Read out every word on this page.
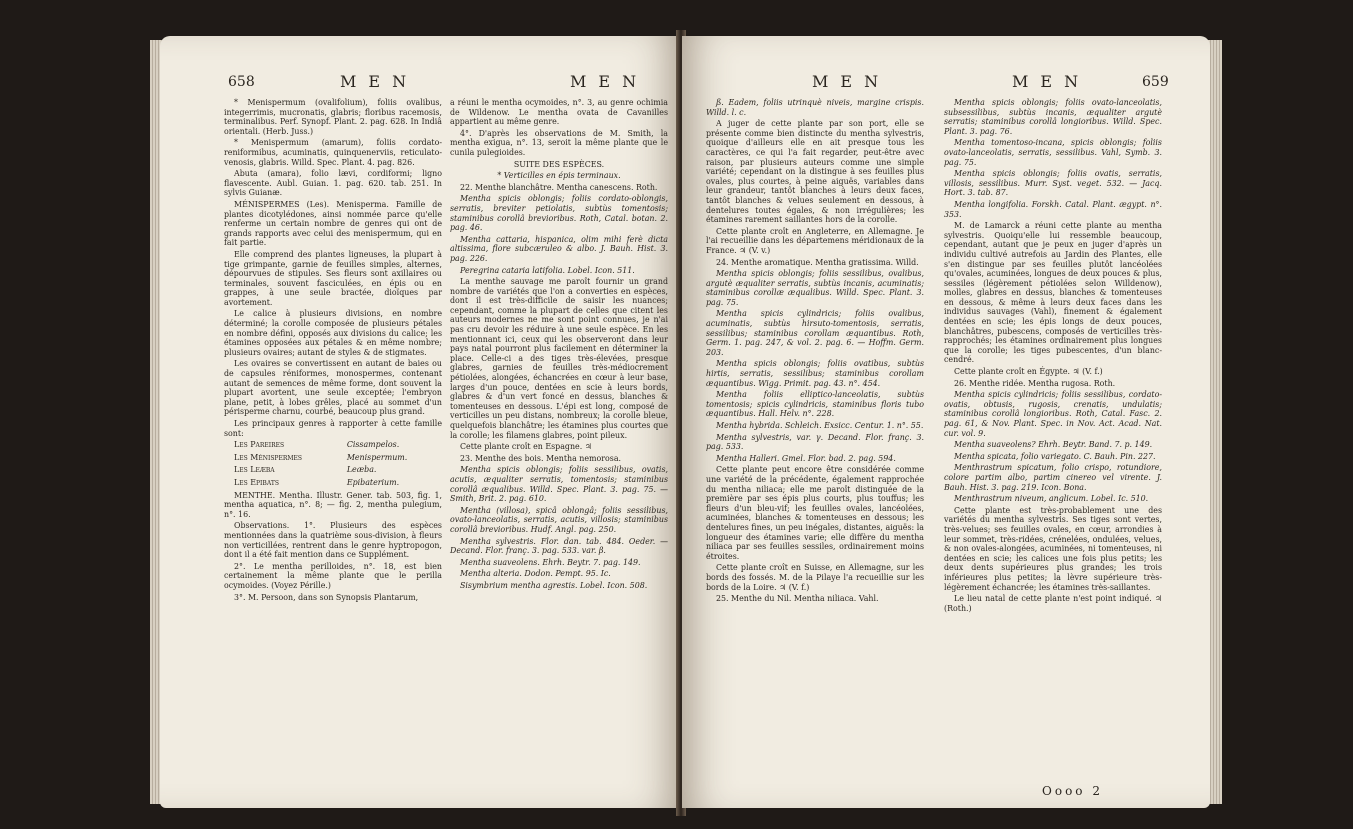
658	MEN	MEN

* Menispermum (ovalifolium), foliis ovalibus, integerrimis, mucronatis, glabris; floribus racemosis, terminalibus. Perf. Synopf. Plant. 2. pag. 628. In Indiâ orientali. (Herb. Juss.)

* Menispermum (amarum), foliis cordato-reniformibus, acuminatis, quinquenerviis, reticulato-venosis, glabris. Willd. Spec. Plant. 4. pag. 826.

Abuta (amara), folio lævi, cordiformi; ligno flavescente. Aubl. Guian. 1. pag. 620. tab. 251. In sylvis Guianæ.

MÉNISPERMES (Les). Menisperma. Famille de plantes dicotylédones, ainsi nommée parce qu'elle renferme un certain nombre de genres qui ont de grands rapports avec celui des menispermum, qui en fait partie.

Elle comprend des plantes ligneuses, la plupart à tige grimpante, garnie de feuilles simples, alternes, dépourvues de stipules. Ses fleurs sont axillaires ou terminales, souvent fasciculées, en épis ou en grappes, à une seule bractée, dioïques par avortement.

Le calice à plusieurs divisions, en nombre déterminé; la corolle composée de plusieurs pétales en nombre défini, opposés aux divisions du calice; les étamines opposées aux pétales & en même nombre; plusieurs ovaires; autant de styles & de stigmates.

Les ovaires se convertissent en autant de baies ou de capsules réniformes, monospermes, contenant autant de semences de même forme, dont souvent la plupart avortent, une seule exceptée; l'embryon plane, petit, à lobes grêles, placé au sommet d'un périsperme charnu, courbé, beaucoup plus grand.

Les principaux genres à rapporter à cette famille sont:

Les Pareires	Cissampelos.
Les Ménispermes	Menispermum.
Les Leæba	Leæba.
Les Epibats	Epibaterium.

MENTHE. Mentha. Illustr. Gener. tab. 503, fig. 1, mentha aquatica, n°. 8; — fig. 2, mentha pulegium, n°. 16.

Observations. 1°. Plusieurs des espèces mentionnées dans la quatrième sous-division, à fleurs non verticillées, rentrent dans le genre hyptropogon, dont il a été fait mention dans ce Supplément.

2°. Le mentha perilloides, n°. 18, est bien certainement la même plante que le perilla ocymoides. (Voyez Pérille.)

3°. M. Persoon, dans son Synopsis Plantarum,

a réuni le mentha ocymoides, n°. 3, au genre ochimia de Wildenow. Le mentha ovata de Cavanilles appartient au même genre.

4°. D'après les observations de M. Smith, la mentha exigua, n°. 13, seroit la même plante que le cunila pulegioides.

SUITE DES ESPÈCES.

* Verticilles en épis terminaux.

22. Menthe blanchâtre. Mentha canescens. Roth.

Mentha spicis oblongis; foliis cordato-oblongis, serratis, breviter petiolatis, subtùs tomentosis; staminibus corollâ brevioribus. Roth, Catal. botan. 2. pag. 46.

Mentha cattaria, hispanica, olim mihi ferè dicta altissima, flore subcæruleo & albo. J. Bauh. Hist. 3. pag. 226.

Peregrina cataria latifolia. Lobel. Icon. 511.

La menthe sauvage me paroît fournir un grand nombre de variétés que l'on a converties en espèces, dont il est très-difficile de saisir les nuances; cependant, comme la plupart de celles que citent les auteurs modernes ne me sont point connues, je n'ai pas cru devoir les réduire à une seule espèce. En les mentionnant ici, ceux qui les observeront dans leur pays natal pourront plus facilement en déterminer la place. Celle-ci a des tiges très-élevées, presque glabres, garnies de feuilles très-médiocrement pétiolées, alongées, échancrées en cœur à leur base, larges d'un pouce, dentées en scie à leurs bords, glabres & d'un vert foncé en dessus, blanches & tomenteuses en dessous. L'épi est long, composé de verticilles un peu distans, nombreux; la corolle bleue, quelquefois blanchâtre; les étamines plus courtes que la corolle; les filamens glabres, point pileux.

Cette plante croît en Espagne. ♃

23. Menthe des bois. Mentha nemorosa.

Mentha spicis oblongis; foliis sessilibus, ovatis, acutis, æqualiter serratis, tomentosis; staminibus corollâ æqualibus. Willd. Spec. Plant. 3. pag. 75. — Smith, Brit. 2. pag. 610.

Mentha (villosa), spicâ oblongâ; foliis sessilibus, ovato-lanceolatis, serratis, acutis, villosis; staminibus corollâ brevioribus. Hudf. Angl. pag. 250.

Mentha sylvestris. Flor. dan. tab. 484. Oeder. — Decand. Flor. franç. 3. pag. 533. var. β.

Mentha suaveolens. Ehrh. Beytr. 7. pag. 149.

Mentha alteria. Dodon. Pempt. 95. Ic.

Sisymbrium mentha agrestis. Lobel. Icon. 508.

MEN	MEN	659

ß. Eadem, foliis utrinquè niveis, margine crispis. Willd. l. c.

A juger de cette plante par son port, elle se présente comme bien distincte du mentha sylvestris, quoique d'ailleurs elle en ait presque tous les caractères, ce qui l'a fait regarder, peut-être avec raison, par plusieurs auteurs comme une simple variété; cependant on la distingue à ses feuilles plus ovales, plus courtes, à peine aiguës, variables dans leur grandeur, tantôt blanches à leurs deux faces, tantôt blanches & velues seulement en dessous, à dentelures toutes égales, & non irrégulières; les étamines rarement saillantes hors de la corolle.

Cette plante croît en Angleterre, en Allemagne. Je l'ai recueillie dans les départemens méridionaux de la France. ♃ (V. v.)

24. Menthe aromatique. Mentha gratissima. Willd.

Mentha spicis oblongis; foliis sessilibus, ovalibus, argutè æqualiter serratis, subtùs incanis, acuminatis; staminibus corollæ æqualibus. Willd. Spec. Plant. 3. pag. 75.

Mentha spicis cylindricis; foliis ovalibus, acuminatis, subtùs hirsuto-tomentosis, serratis, sessilibus; staminibus corollam æquantibus. Roth, Germ. 1. pag. 247, & vol. 2. pag. 6. — Hoffm. Germ. 203.

Mentha spicis oblongis; foliis ovatibus, subtùs hirtis, serratis, sessilibus; staminibus corollam æquantibus. Wigg. Primit. pag. 43. n°. 454.

Mentha foliis elliptico-lanceolatis, subtùs tomentosis; spicis cylindricis, staminibus floris tubo æquantibus. Hall. Helv. n°. 228.

Mentha hybrida. Schleich. Exsicc. Centur. 1. n°. 55.

Mentha sylvestris, var. γ. Decand. Flor. franç. 3. pag. 533.

Mentha Halleri. Gmel. Flor. bad. 2. pag. 594.

Cette plante peut encore être considérée comme une variété de la précédente, également rapprochée du mentha niliaca; elle me paroît distinguée de la première par ses épis plus courts, plus touffus; les fleurs d'un bleu-vif; les feuilles ovales, lancéolées, acuminées, blanches & tomenteuses en dessous; les dentelures fines, un peu inégales, distantes, aiguës: la longueur des étamines varie; elle diffère du mentha niliaca par ses feuilles sessiles, ordinairement moins étroites.

Cette plante croît en Suisse, en Allemagne, sur les bords des fossés. M. de la Pilaye l'a recueillie sur les bords de la Loire. ♃ (V. f.)

25. Menthe du Nil. Mentha niliaca. Vahl.

Mentha spicis oblongis; foliis ovato-lanceolatis, subsessilibus, subtùs incanis, æqualiter argutè serratis; staminibus corollâ longioribus. Willd. Spec. Plant. 3. pag. 76.

Mentha tomentoso-incana, spicis oblongis; foliis ovato-lanceolatis, serratis, sessilibus. Vahl, Symb. 3. pag. 75.

Mentha spicis oblongis; foliis ovatis, serratis, villosis, sessilibus. Murr. Syst. veget. 532. — Jacq. Hort. 3. tab. 87.

Mentha longifolia. Forskh. Catal. Plant. ægypt. n°. 353.

M. de Lamarck a réuni cette plante au mentha sylvestris. Quoiqu'elle lui ressemble beaucoup, cependant, autant que je peux en juger d'après un individu cultivé autrefois au Jardin des Plantes, elle s'en distingue par ses feuilles plutôt lancéolées qu'ovales, acuminées, longues de deux pouces & plus, sessiles (légèrement pétiolées selon Willdenow), molles, glabres en dessus, blanches & tomenteuses en dessous, & même à leurs deux faces dans les individus sauvages (Vahl), finement & également dentées en scie; les épis longs de deux pouces, blanchâtres, pubescens, composés de verticilles très-rapprochés; les étamines ordinairement plus longues que la corolle; les tiges pubescentes, d'un blanc-cendré.

Cette plante croît en Égypte. ♃ (V. f.)

26. Menthe ridée. Mentha rugosa. Roth.

Mentha spicis cylindricis; foliis sessilibus, cordato-ovatis, obtusis, rugosis, crenatis, undulatis; staminibus corollâ longioribus. Roth, Catal. Fasc. 2. pag. 61, & Nov. Plant. Spec. in Nov. Act. Acad. Nat. cur. vol. 9.

Mentha suaveolens? Ehrh. Beytr. Band. 7. p. 149.

Mentha spicata, folio variegato. C. Bauh. Pin. 227.

Menthrastrum spicatum, folio crispo, rotundiore, colore partim albo, partim cinereo vel virente. J. Bauh. Hist. 3. pag. 219. Icon. Bona.

Menthrastrum niveum, anglicum. Lobel. Ic. 510.

Cette plante est très-probablement une des variétés du mentha sylvestris. Ses tiges sont vertes, très-velues; ses feuilles ovales, en cœur, arrondies à leur sommet, très-ridées, crénelées, ondulées, velues, & non ovales-alongées, acuminées, ni tomenteuses, ni dentées en scie; les calices une fois plus petits; les deux dents supérieures plus grandes; les trois inférieures plus petites; la lèvre supérieure très-légèrement échancrée; les étamines très-saillantes.

Le lieu natal de cette plante n'est point indiqué. ♃ (Roth.)

Oooo 2
